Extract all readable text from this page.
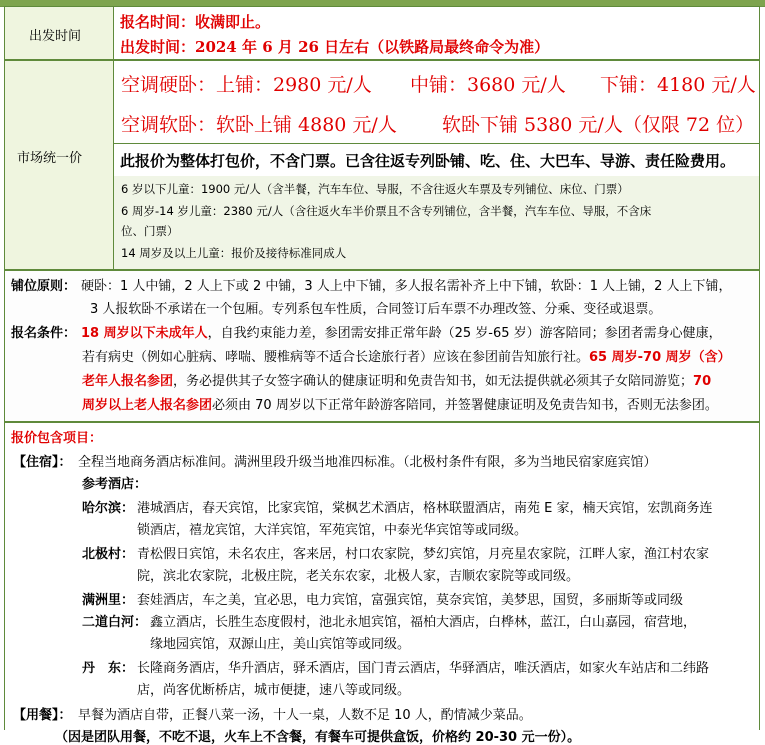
出发时间
报名时间：收满即止。
出发时间：2024 年 6 月 26 日左右（以铁路局最终命令为准）
市场统一价
空调硬卧：上铺：2980 元/人 中铺：3680 元/人 下铺：4180 元/人
空调软卧：软卧上铺 4880 元/人 软卧下铺 5380 元/人（仅限 72 位）
此报价为整体打包价，不含门票。已含往返专列卧铺、吃、住、大巴车、导游、责任险费用。
6 岁以下儿童：1900 元/人（含半餐，汽车车位、导服，不含往返火车票及专列铺位、床位、门票）
6 周岁-14 岁儿童：2380 元/人（含往返火车半价票且不含专列铺位，含半餐，汽车车位、导服，不含床
位、门票）
14 周岁及以上儿童：报价及接待标准同成人
铺位原则： 硬卧：1 人中铺，2 人上下或 2 中铺，3 人上中下铺，多人报名需补齐上中下铺，软卧：1 人上铺，2 人上下铺，
3 人报软卧不承诺在一个包厢。专列系包车性质，合同签订后车票不办理改签、分乘、变径或退票。
报名条件： 18 周岁以下未成年人，自我约束能力差，参团需安排正常年龄（25 岁-65 岁）游客陪同；参团者需身心健康，
若有病史（例如心脏病、哮喘、腰椎病等不适合长途旅行者）应该在参团前告知旅行社。65 周岁-70 周岁（含）
老年人报名参团，务必提供其子女签字确认的健康证明和免责告知书，如无法提供就必须其子女陪同游览；70
周岁以上老人报名参团必须由 70 周岁以下正常年龄游客陪同，并签署健康证明及免责告知书，否则无法参团。
报价包含项目：
【住宿】： 全程当地商务酒店标准间。满洲里段升级当地准四标准。（北极村条件有限，多为当地民宿家庭宾馆）
参考酒店：
哈尔滨： 港城酒店，春天宾馆，比家宾馆，棠枫艺术酒店，格林联盟酒店，南苑 E 家，楠天宾馆，宏凯商务连
锁酒店，禧龙宾馆，大洋宾馆，军苑宾馆，中泰光华宾馆等或同级。
北极村： 青松假日宾馆，未名农庄，客来居，村口农家院，梦幻宾馆，月亮星农家院，江畔人家，渔江村农家
院，滨北农家院，北极庄院，老关东农家，北极人家，吉顺农家院等或同级。
满洲里： 套娃酒店，车之美，宜必思，电力宾馆，富强宾馆，莫奈宾馆，美梦思，国贸，多丽斯等或同级
二道白河： 鑫立酒店，长胜生态度假村，池北永旭宾馆，福柏大酒店，白桦林，蓝江，白山嘉园，宿营地，
缘地园宾馆，双源山庄，美山宾馆等或同级。
丹　东： 长隆商务酒店，华升酒店，驿禾酒店，国门青云酒店，华驿酒店，唯沃酒店，如家火车站店和二纬路
店，尚客优断桥店，城市便捷，速八等或同级。
【用餐】： 早餐为酒店自带，正餐八菜一汤，十人一桌，人数不足 10 人，酌情减少菜品。
（因是团队用餐，不吃不退，火车上不含餐，有餐车可提供盒饭，价格约 20-30 元一份）。
